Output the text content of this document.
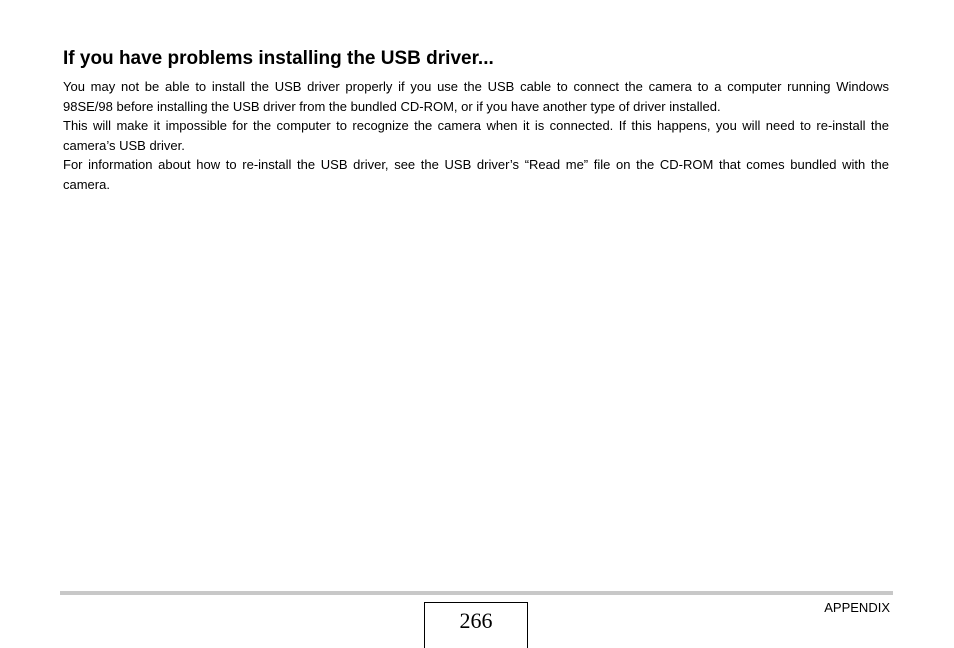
If you have problems installing the USB driver...

You may not be able to install the USB driver properly if you use the USB cable to connect the camera to a computer running Windows 98SE/98 before installing the USB driver from the bundled CD-ROM, or if you have another type of driver installed.

This will make it impossible for the computer to recognize the camera when it is connected. If this happens, you will need to re-install the camera’s USB driver.

For information about how to re-install the USB driver, see the USB driver’s “Read me” file on the CD-ROM that comes bundled with the camera.

266
APPENDIX
